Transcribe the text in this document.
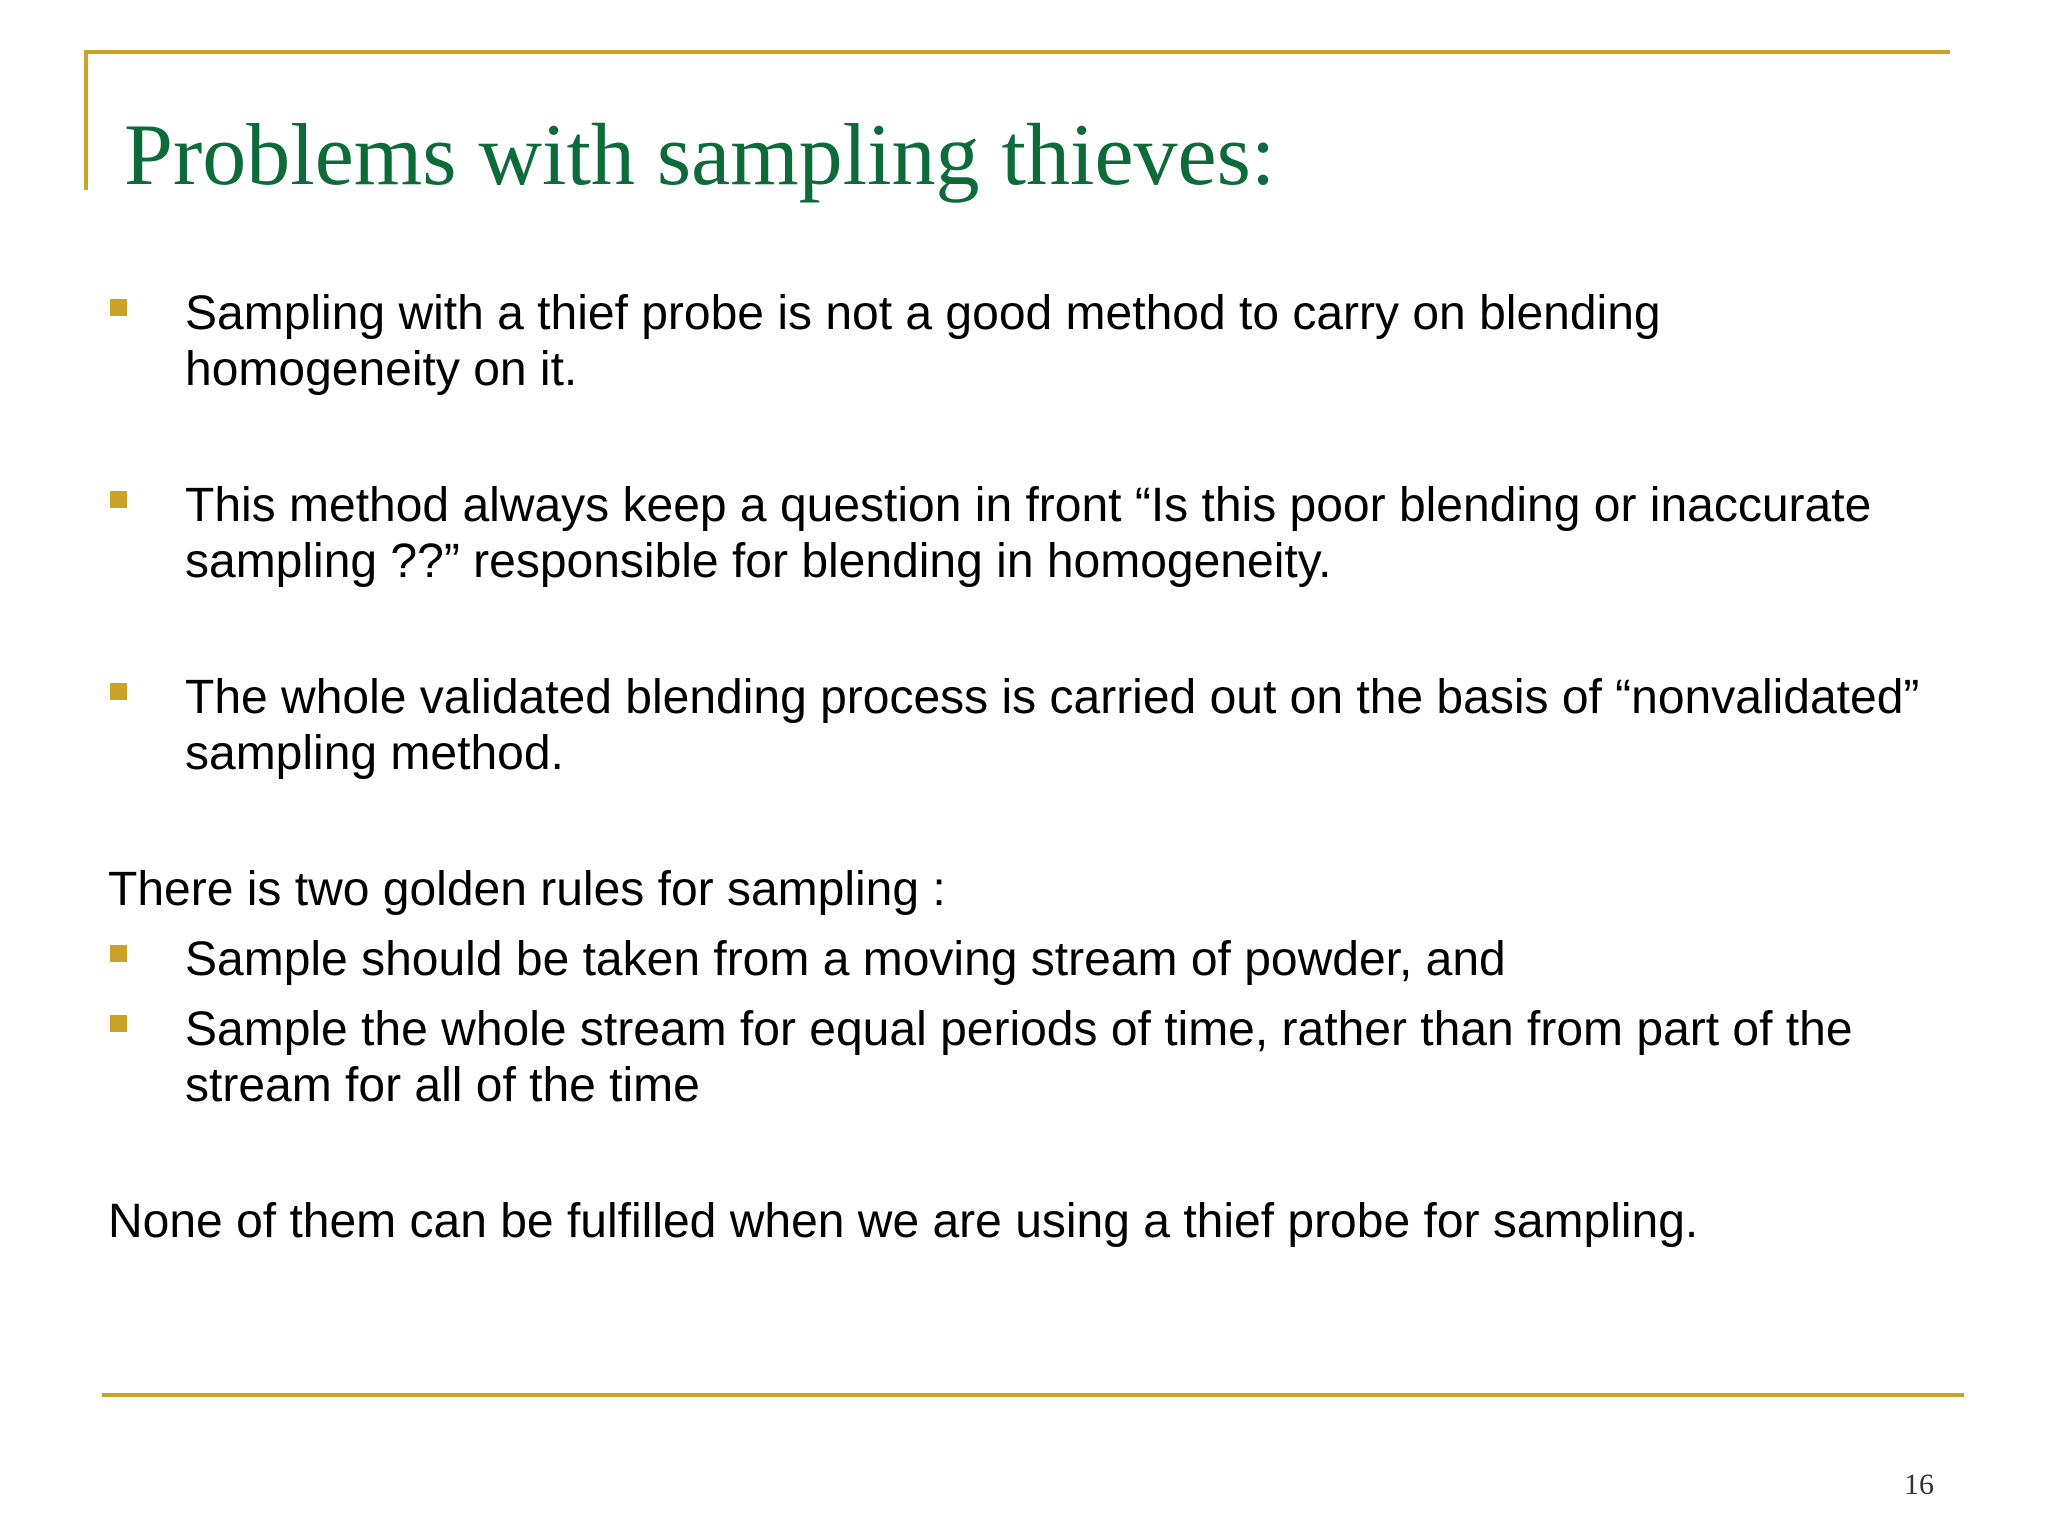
Problems with sampling thieves:
Sampling with a thief probe is not a good method to carry on blending homogeneity on it.
This method always keep a question in front “Is this poor blending or inaccurate sampling ??” responsible for blending in homogeneity.
The whole validated blending process is carried out on the basis of “nonvalidated” sampling method.
There is two golden rules for sampling :
Sample should be taken from a moving stream of powder, and
Sample the whole stream for equal periods of time, rather than from part of the stream for all of the time
None of them can be fulfilled when we are using a thief probe for sampling.
16
